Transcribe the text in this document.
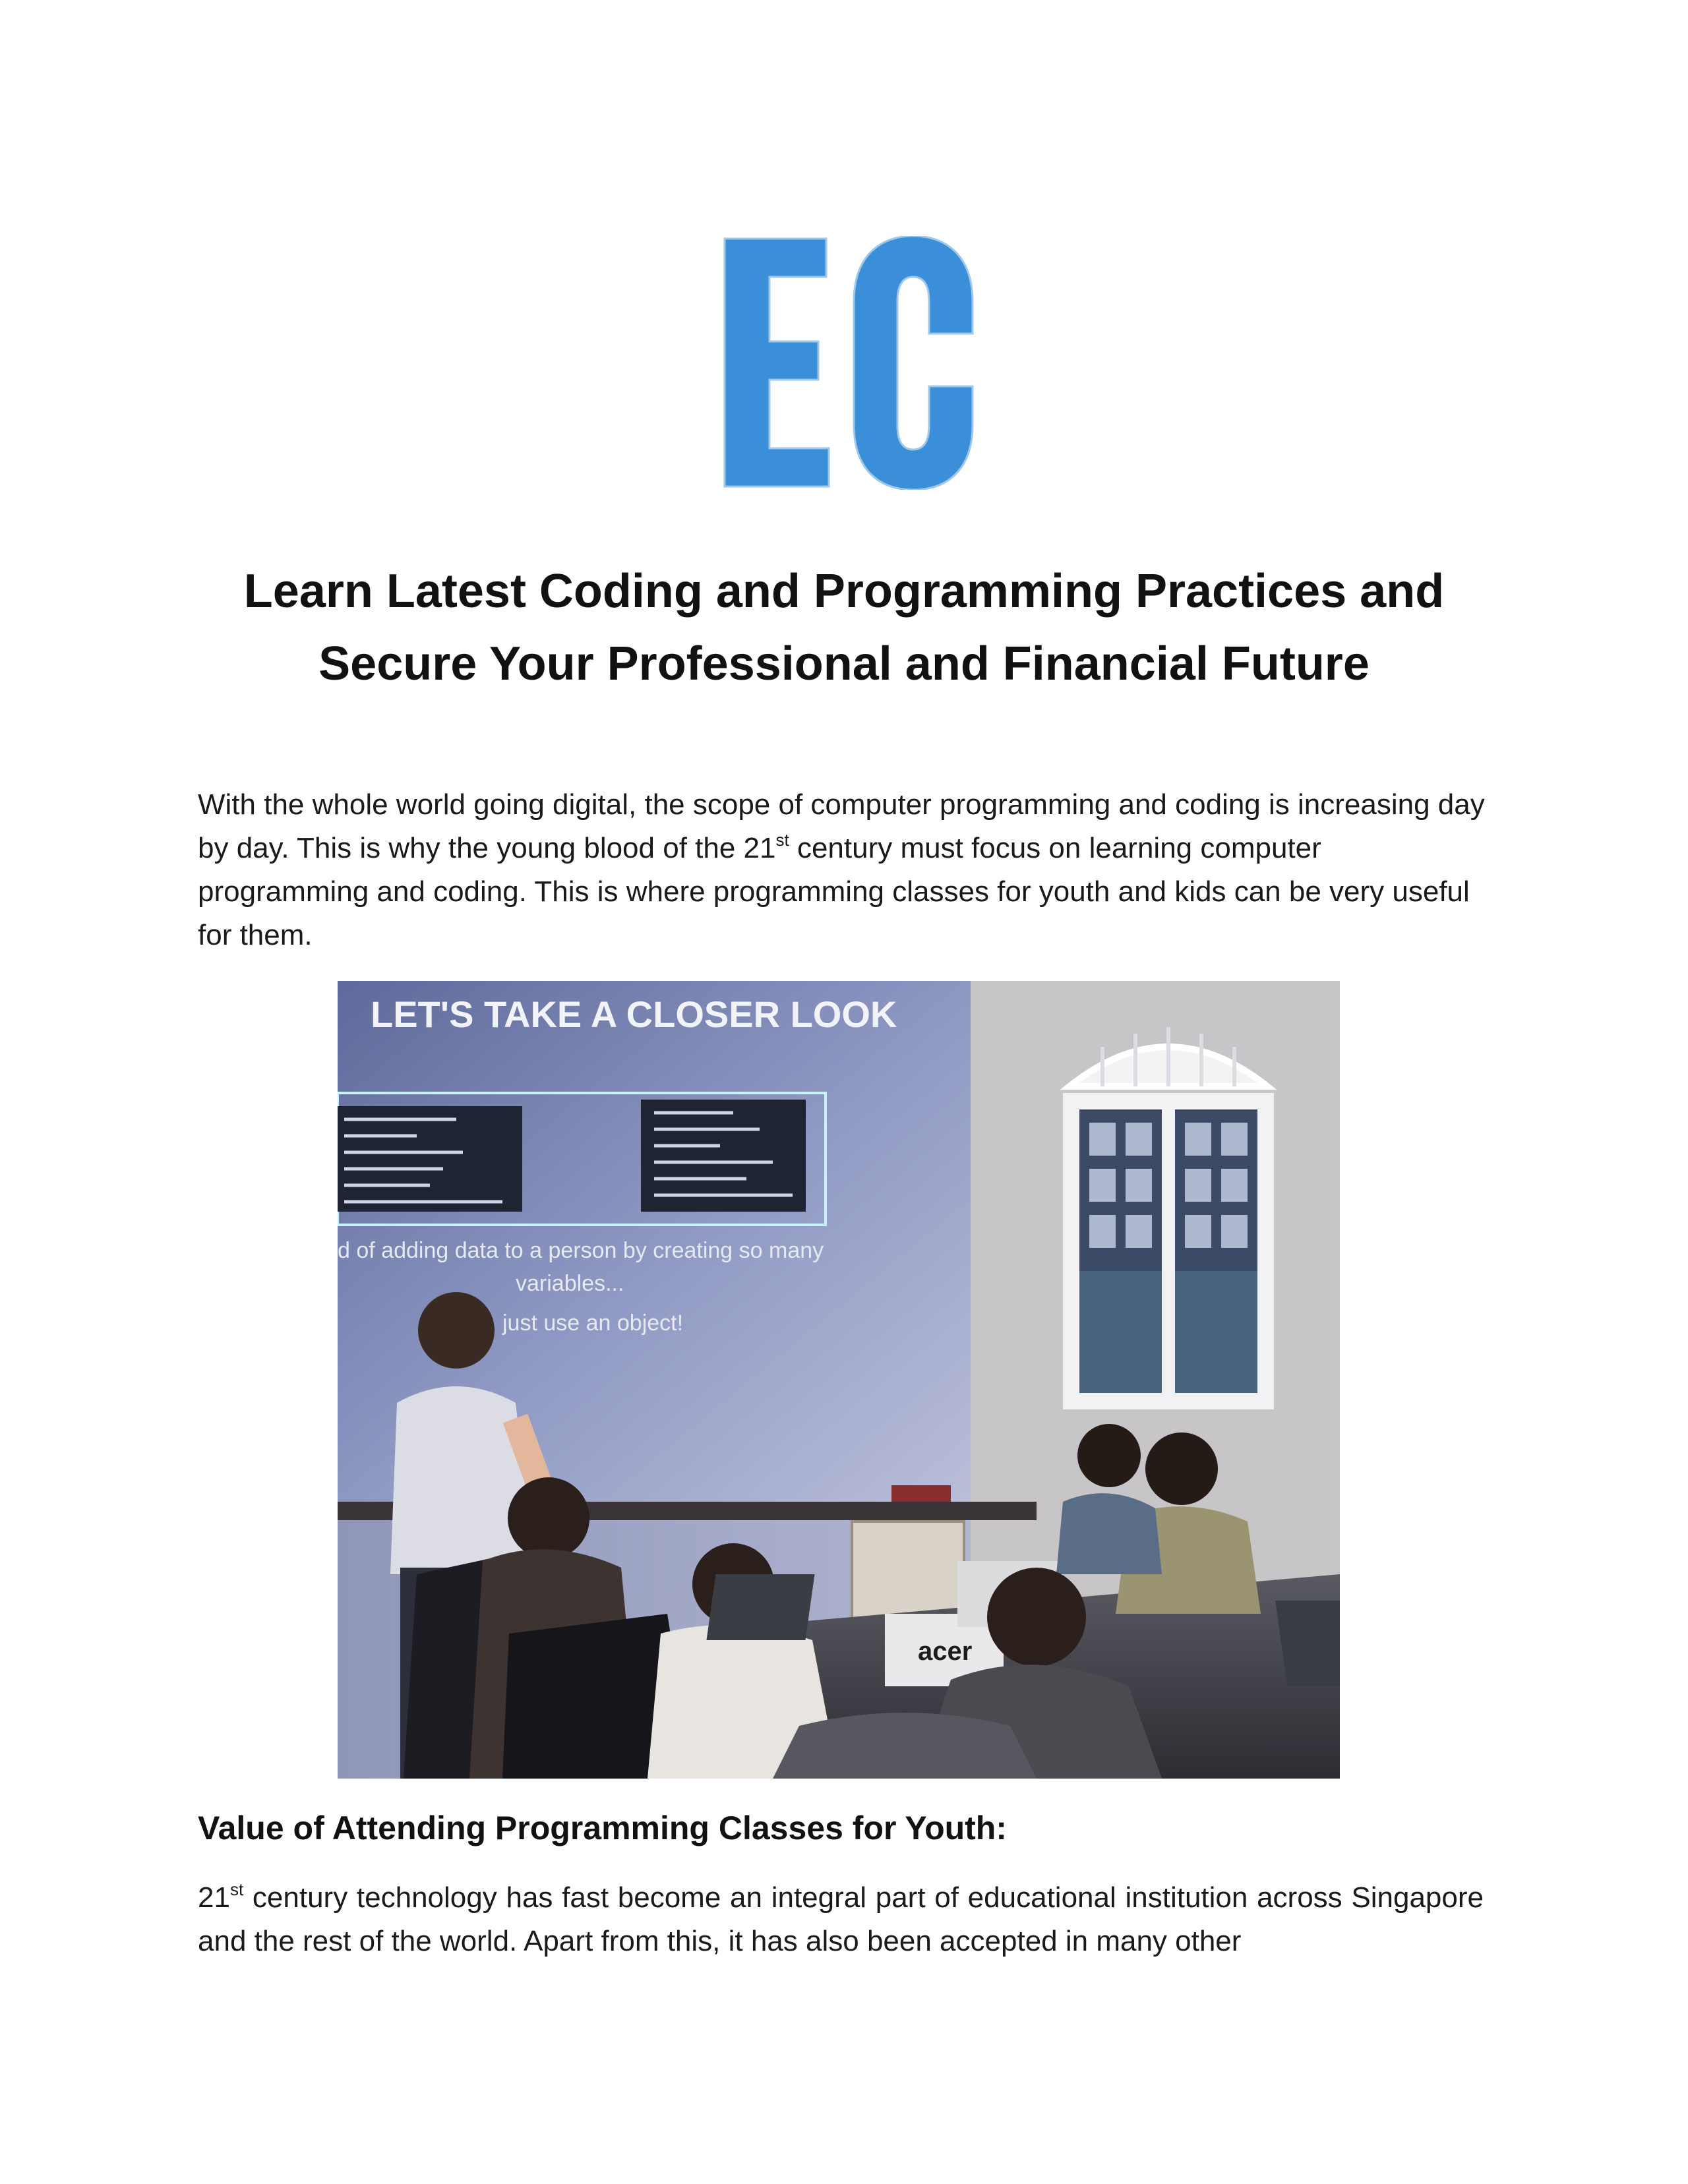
Learn Latest Coding and Programming Practices and
Secure Your Professional and Financial Future

With the whole world going digital, the scope of computer programming and coding is increasing day by day. This is why the young blood of the 21st century must focus on learning computer programming and coding. This is where programming classes for youth and kids can be very useful for them.

LET'S TAKE A CLOSER LOOK
d of adding data to a person by creating so many
variables...
just use an object!
acer
Value of Attending Programming Classes for Youth:

21st century technology has fast become an integral part of educational institution across Singapore and the rest of the world. Apart from this, it has also been accepted in many other
